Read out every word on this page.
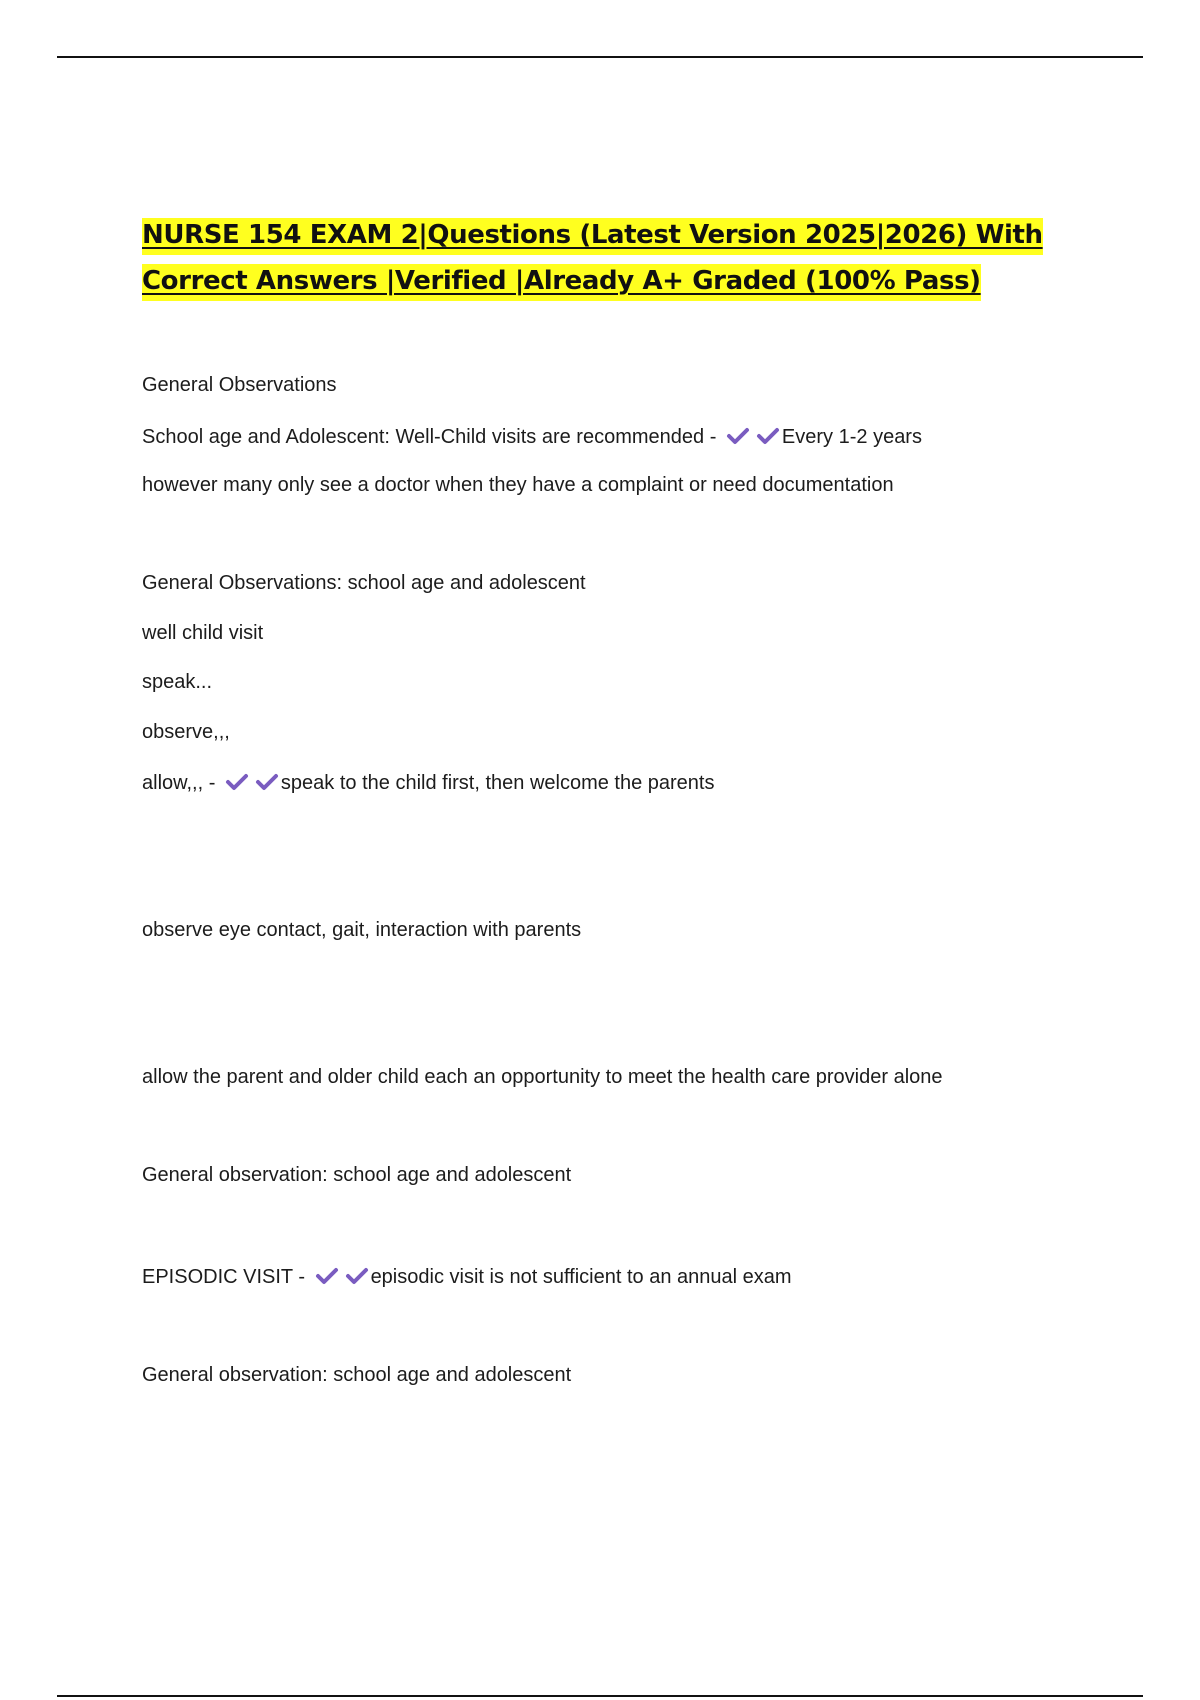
NURSE 154 EXAM 2|Questions (Latest Version 2025|2026) With
Correct Answers |Verified |Already A+ Graded (100% Pass)
General Observations
School age and Adolescent: Well-Child visits are recommended -	Every 1-2 years
however many only see a doctor when they have a complaint or need documentation
General Observations: school age and adolescent
well child visit
speak...
observe,,,
allow,,, -	speak to the child first, then welcome the parents
observe eye contact, gait, interaction with parents
allow the parent and older child each an opportunity to meet the health care provider alone
General observation: school age and adolescent
EPISODIC VISIT -	episodic visit is not sufficient to an annual exam
General observation: school age and adolescent
